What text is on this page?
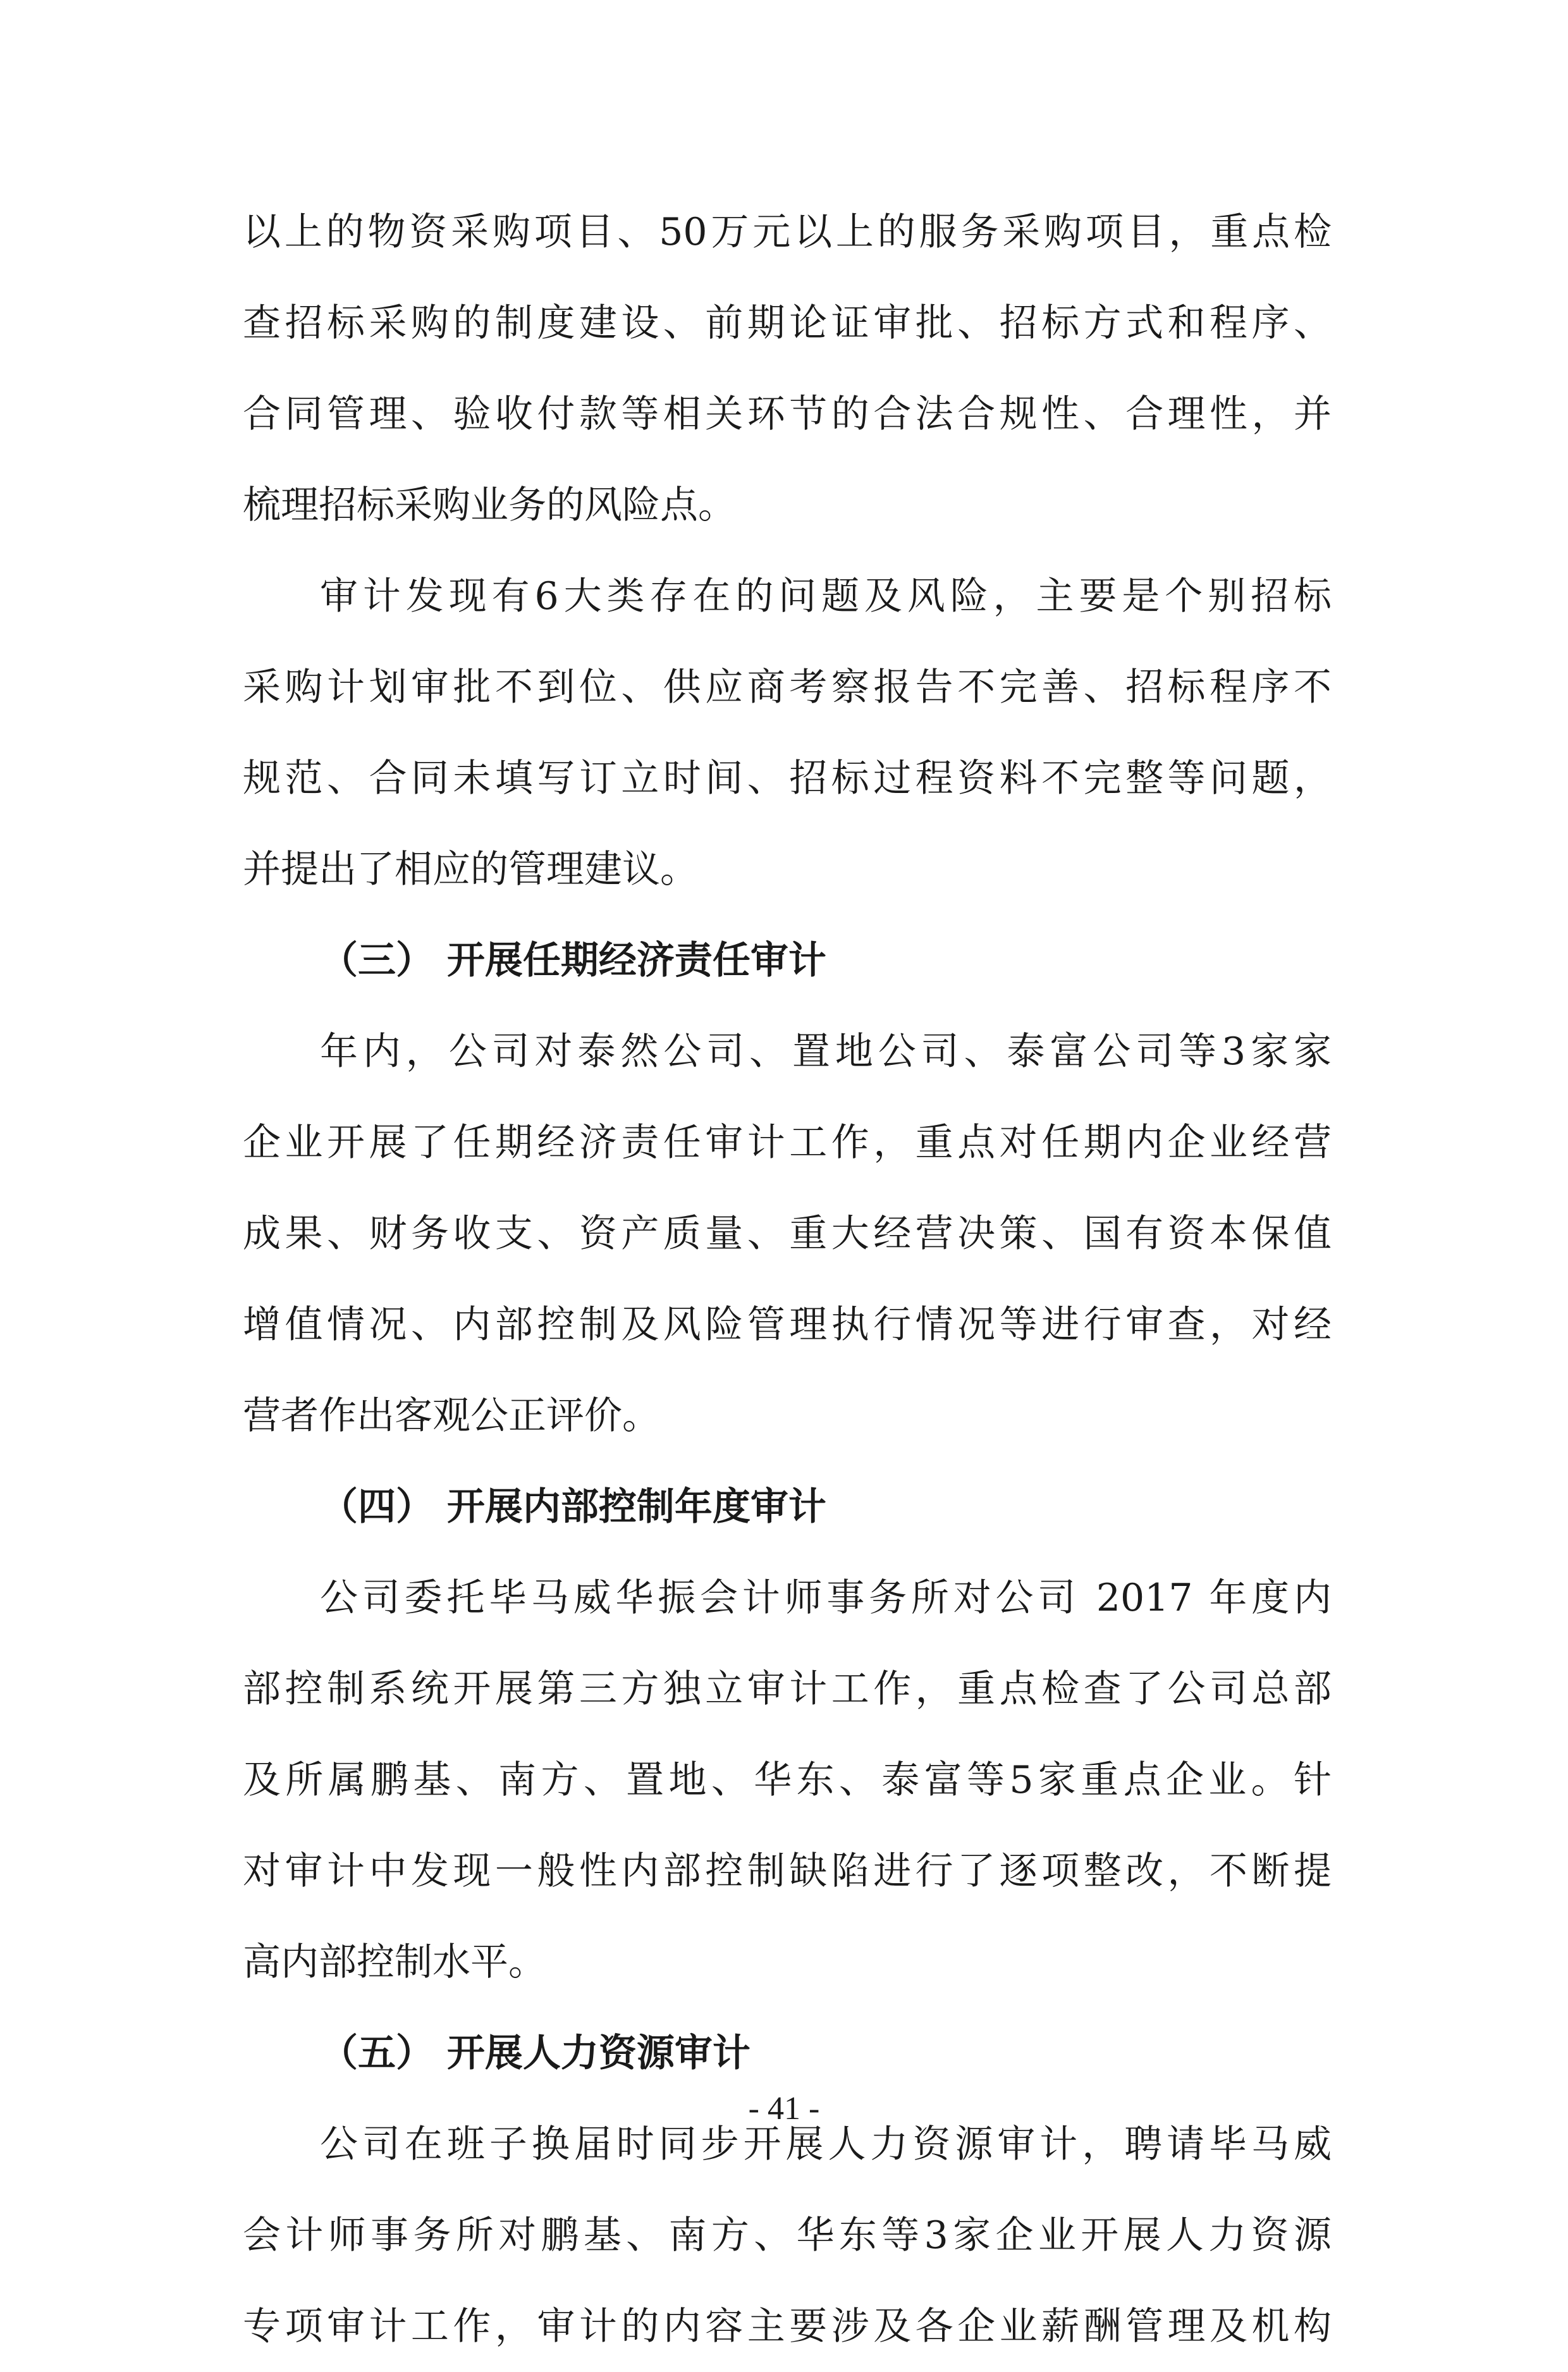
以上的物资采购项目、50万元以上的服务采购项目，重点检
查招标采购的制度建设、前期论证审批、招标方式和程序、
合同管理、验收付款等相关环节的合法合规性、合理性，并
梳理招标采购业务的风险点。
审计发现有6大类存在的问题及风险，主要是个别招标
采购计划审批不到位、供应商考察报告不完善、招标程序不
规范、合同未填写订立时间、招标过程资料不完整等问题，
并提出了相应的管理建议。
（三） 开展任期经济责任审计
年内，公司对泰然公司、置地公司、泰富公司等3家家
企业开展了任期经济责任审计工作，重点对任期内企业经营
成果、财务收支、资产质量、重大经营决策、国有资本保值
增值情况、内部控制及风险管理执行情况等进行审查，对经
营者作出客观公正评价。
（四） 开展内部控制年度审计
公司委托毕马威华振会计师事务所对公司 2017 年度内
部控制系统开展第三方独立审计工作，重点检查了公司总部
及所属鹏基、南方、置地、华东、泰富等5家重点企业。针
对审计中发现一般性内部控制缺陷进行了逐项整改，不断提
高内部控制水平。
（五） 开展人力资源审计
公司在班子换届时同步开展人力资源审计，聘请毕马威
会计师事务所对鹏基、南方、华东等3家企业开展人力资源
专项审计工作，审计的内容主要涉及各企业薪酬管理及机构
- 41 -
